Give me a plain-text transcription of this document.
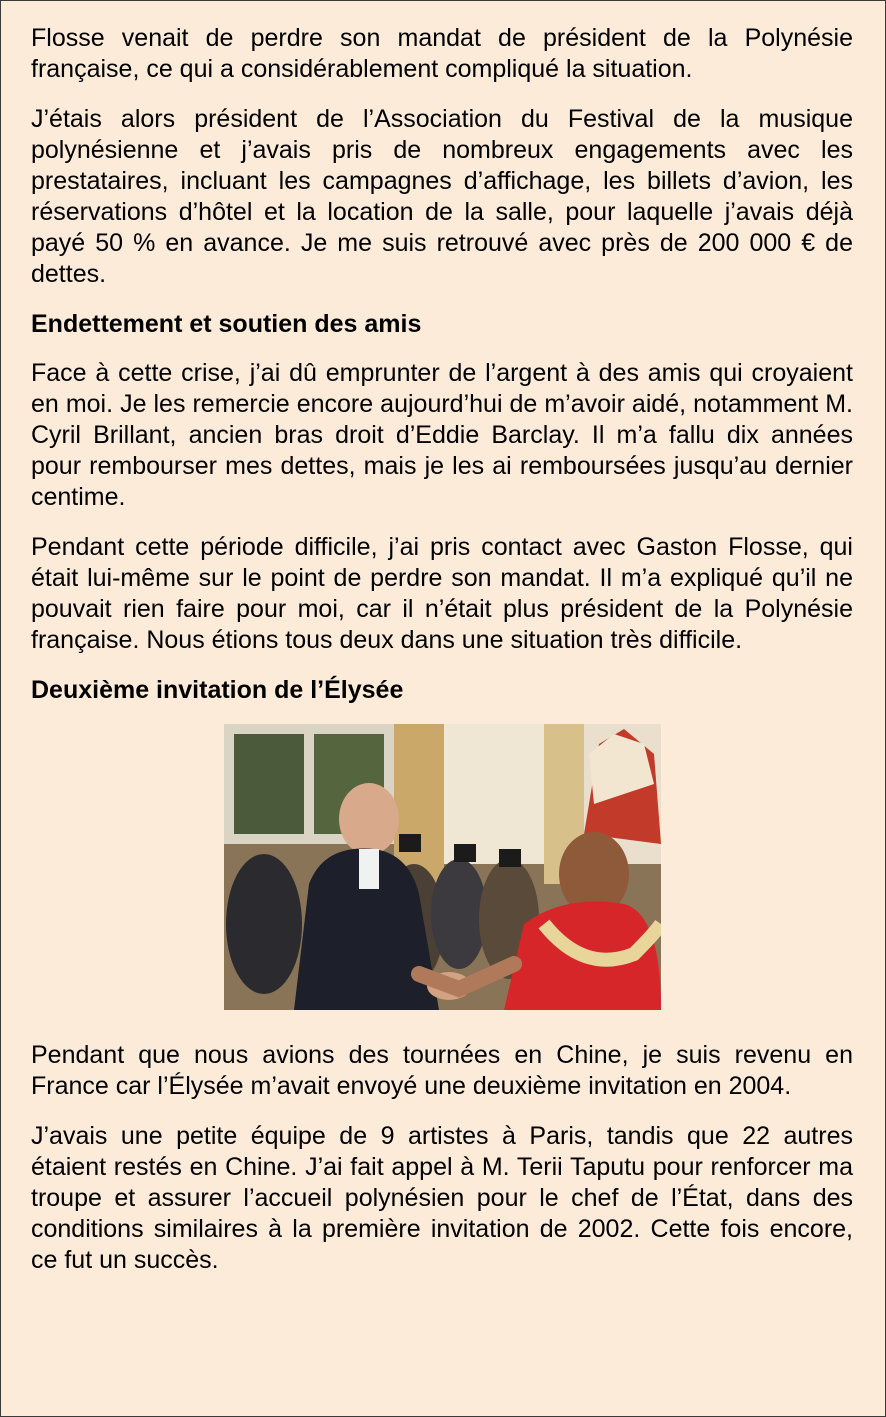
Flosse venait de perdre son mandat de président de la Polynésie française, ce qui a considérablement compliqué la situation.

J’étais alors président de l’Association du Festival de la musique polynésienne et j’avais pris de nombreux engagements avec les prestataires, incluant les campagnes d’affichage, les billets d’avion, les réservations d’hôtel et la location de la salle, pour laquelle j’avais déjà payé 50 % en avance. Je me suis retrouvé avec près de 200 000 € de dettes.

Endettement et soutien des amis

Face à cette crise, j’ai dû emprunter de l’argent à des amis qui croyaient en moi. Je les remercie encore aujourd’hui de m’avoir aidé, notamment M. Cyril Brillant, ancien bras droit d’Eddie Barclay. Il m’a fallu dix années pour rembourser mes dettes, mais je les ai remboursées jusqu’au dernier centime.

Pendant cette période difficile, j’ai pris contact avec Gaston Flosse, qui était lui-même sur le point de perdre son mandat. Il m’a expliqué qu’il ne pouvait rien faire pour moi, car il n’était plus président de la Polynésie française. Nous étions tous deux dans une situation très difficile.

Deuxième invitation de l’Élysée

Pendant que nous avions des tournées en Chine, je suis revenu en France car l’Élysée m’avait envoyé une deuxième invitation en 2004.

J’avais une petite équipe de 9 artistes à Paris, tandis que 22 autres étaient restés en Chine. J’ai fait appel à M. Terii Taputu pour renforcer ma troupe et assurer l’accueil polynésien pour le chef de l’État, dans des conditions similaires à la première invitation de 2002. Cette fois encore, ce fut un succès.
